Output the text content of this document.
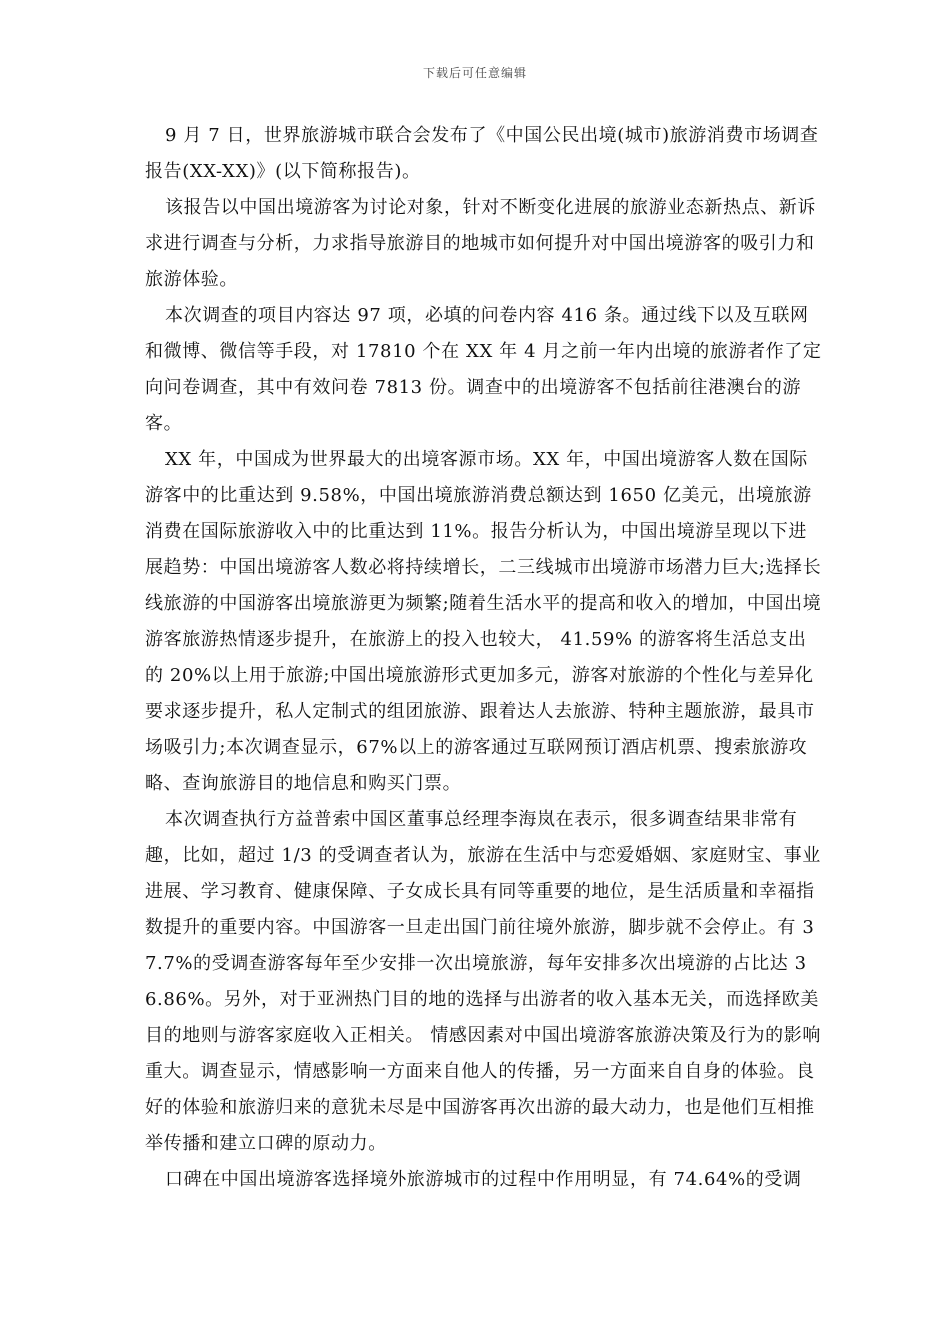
下载后可任意编辑

9 月 7 日，世界旅游城市联合会发布了《中国公民出境(城市)旅游消费市场调查报告(XX-XX)》(以下简称报告)。

该报告以中国出境游客为讨论对象，针对不断变化进展的旅游业态新热点、新诉求进行调查与分析，力求指导旅游目的地城市如何提升对中国出境游客的吸引力和旅游体验。

本次调查的项目内容达 97 项，必填的问卷内容 416 条。通过线下以及互联网和微博、微信等手段，对 17810 个在 XX 年 4 月之前一年内出境的旅游者作了定向问卷调查，其中有效问卷 7813 份。调查中的出境游客不包括前往港澳台的游客。

XX 年，中国成为世界最大的出境客源市场。XX 年，中国出境游客人数在国际游客中的比重达到 9.58%，中国出境旅游消费总额达到 1650 亿美元，出境旅游消费在国际旅游收入中的比重达到 11%。报告分析认为，中国出境游呈现以下进展趋势：中国出境游客人数必将持续增长，二三线城市出境游市场潜力巨大;选择长线旅游的中国游客出境旅游更为频繁;随着生活水平的提高和收入的增加，中国出境游客旅游热情逐步提升，在旅游上的投入也较大， 41.59% 的游客将生活总支出的 20%以上用于旅游;中国出境旅游形式更加多元，游客对旅游的个性化与差异化要求逐步提升，私人定制式的组团旅游、跟着达人去旅游、特种主题旅游，最具市场吸引力;本次调查显示，67%以上的游客通过互联网预订酒店机票、搜索旅游攻略、查询旅游目的地信息和购买门票。

本次调查执行方益普索中国区董事总经理李海岚在表示，很多调查结果非常有趣，比如，超过 1/3 的受调查者认为，旅游在生活中与恋爱婚姻、家庭财宝、事业进展、学习教育、健康保障、子女成长具有同等重要的地位，是生活质量和幸福指数提升的重要内容。中国游客一旦走出国门前往境外旅游，脚步就不会停止。有 37.7%的受调查游客每年至少安排一次出境旅游，每年安排多次出境游的占比达 36.86%。另外，对于亚洲热门目的地的选择与出游者的收入基本无关，而选择欧美目的地则与游客家庭收入正相关。 情感因素对中国出境游客旅游决策及行为的影响重大。调查显示，情感影响一方面来自他人的传播，另一方面来自自身的体验。良好的体验和旅游归来的意犹未尽是中国游客再次出游的最大动力，也是他们互相推举传播和建立口碑的原动力。

口碑在中国出境游客选择境外旅游城市的过程中作用明显，有 74.64%的受调
